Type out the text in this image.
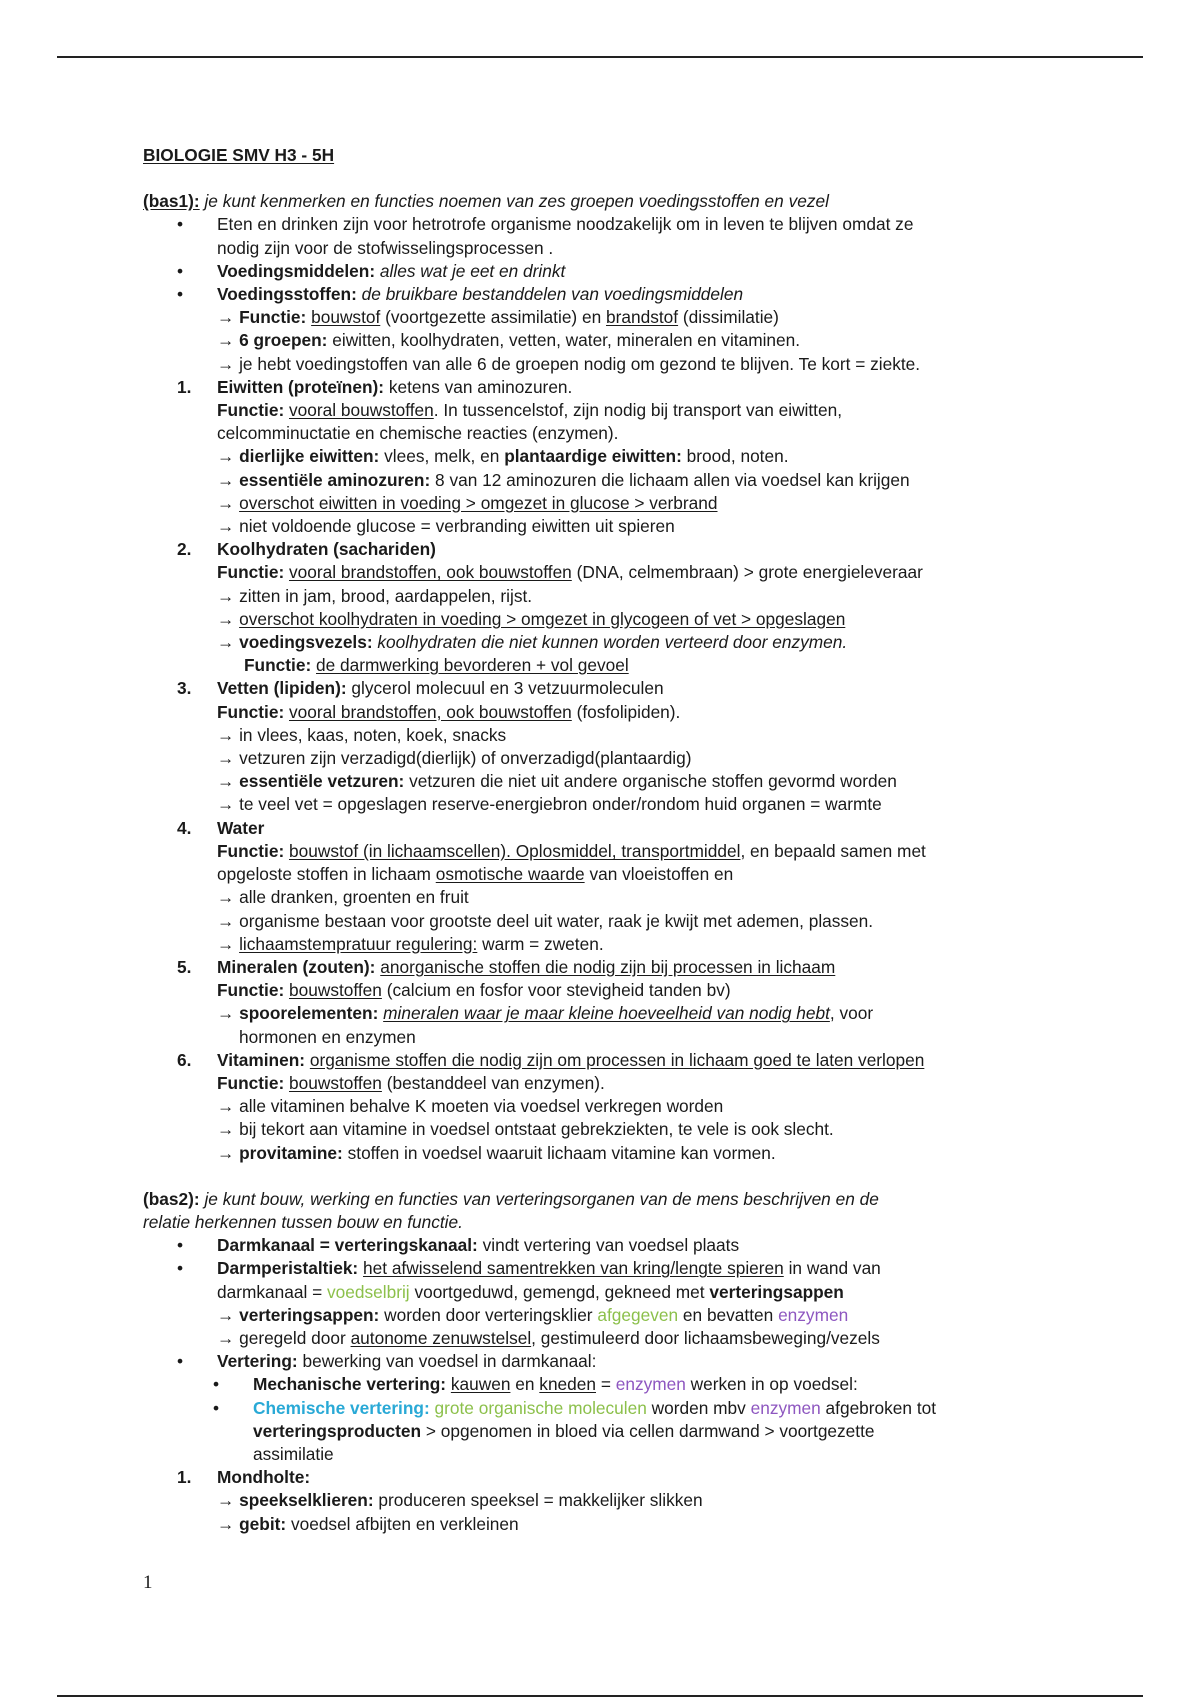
BIOLOGIE SMV H3 - 5H
(bas1): je kunt kenmerken en functies noemen van zes groepen voedingsstoffen en vezel
• Eten en drinken zijn voor hetrotrofe organisme noodzakelijk om in leven te blijven omdat ze
nodig zijn voor de stofwisselingsprocessen .
• Voedingsmiddelen: alles wat je eet en drinkt
• Voedingsstoffen: de bruikbare bestanddelen van voedingsmiddelen
→ Functie: bouwstof (voortgezette assimilatie) en brandstof (dissimilatie)
→ 6 groepen: eiwitten, koolhydraten, vetten, water, mineralen en vitaminen.
→ je hebt voedingstoffen van alle 6 de groepen nodig om gezond te blijven. Te kort = ziekte.
1. Eiwitten (proteïnen): ketens van aminozuren.
Functie: vooral bouwstoffen. In tussencelstof, zijn nodig bij transport van eiwitten,
celcomminuctatie en chemische reacties (enzymen).
→ dierlijke eiwitten: vlees, melk, en plantaardige eiwitten: brood, noten.
→ essentiële aminozuren: 8 van 12 aminozuren die lichaam allen via voedsel kan krijgen
→ overschot eiwitten in voeding > omgezet in glucose > verbrand
→ niet voldoende glucose = verbranding eiwitten uit spieren
2. Koolhydraten (sachariden)
Functie: vooral brandstoffen, ook bouwstoffen (DNA, celmembraan) > grote energieleveraar
→ zitten in jam, brood, aardappelen, rijst.
→ overschot koolhydraten in voeding > omgezet in glycogeen of vet > opgeslagen
→ voedingsvezels: koolhydraten die niet kunnen worden verteerd door enzymen.
Functie: de darmwerking bevorderen + vol gevoel
3. Vetten (lipiden): glycerol molecuul en 3 vetzuurmoleculen
Functie: vooral brandstoffen, ook bouwstoffen (fosfolipiden).
→ in vlees, kaas, noten, koek, snacks
→ vetzuren zijn verzadigd(dierlijk) of onverzadigd(plantaardig)
→ essentiële vetzuren: vetzuren die niet uit andere organische stoffen gevormd worden
→ te veel vet = opgeslagen reserve-energiebron onder/rondom huid organen = warmte
4. Water
Functie: bouwstof (in lichaamscellen). Oplosmiddel, transportmiddel, en bepaald samen met
opgeloste stoffen in lichaam osmotische waarde van vloeistoffen en
→ alle dranken, groenten en fruit
→ organisme bestaan voor grootste deel uit water, raak je kwijt met ademen, plassen.
→ lichaamstempratuur regulering: warm = zweten.
5. Mineralen (zouten): anorganische stoffen die nodig zijn bij processen in lichaam
Functie: bouwstoffen (calcium en fosfor voor stevigheid tanden bv)
→ spoorelementen: mineralen waar je maar kleine hoeveelheid van nodig hebt, voor
hormonen en enzymen
6. Vitaminen: organisme stoffen die nodig zijn om processen in lichaam goed te laten verlopen
Functie: bouwstoffen (bestanddeel van enzymen).
→ alle vitaminen behalve K moeten via voedsel verkregen worden
→ bij tekort aan vitamine in voedsel ontstaat gebrekziekten, te vele is ook slecht.
→ provitamine: stoffen in voedsel waaruit lichaam vitamine kan vormen.
(bas2): je kunt bouw, werking en functies van verteringsorganen van de mens beschrijven en de
relatie herkennen tussen bouw en functie.
• Darmkanaal = verteringskanaal: vindt vertering van voedsel plaats
• Darmperistaltiek: het afwisselend samentrekken van kring/lengte spieren in wand van
darmkanaal = voedselbrij voortgeduwd, gemengd, gekneed met verteringsappen
→ verteringsappen: worden door verteringsklier afgegeven en bevatten enzymen
→ geregeld door autonome zenuwstelsel, gestimuleerd door lichaamsbeweging/vezels
• Vertering: bewerking van voedsel in darmkanaal:
• Mechanische vertering: kauwen en kneden = enzymen werken in op voedsel:
• Chemische vertering: grote organische moleculen worden mbv enzymen afgebroken tot
verteringsproducten > opgenomen in bloed via cellen darmwand > voortgezette
assimilatie
1. Mondholte:
→ speekselklieren: produceren speeksel = makkelijker slikken
→ gebit: voedsel afbijten en verkleinen
1
